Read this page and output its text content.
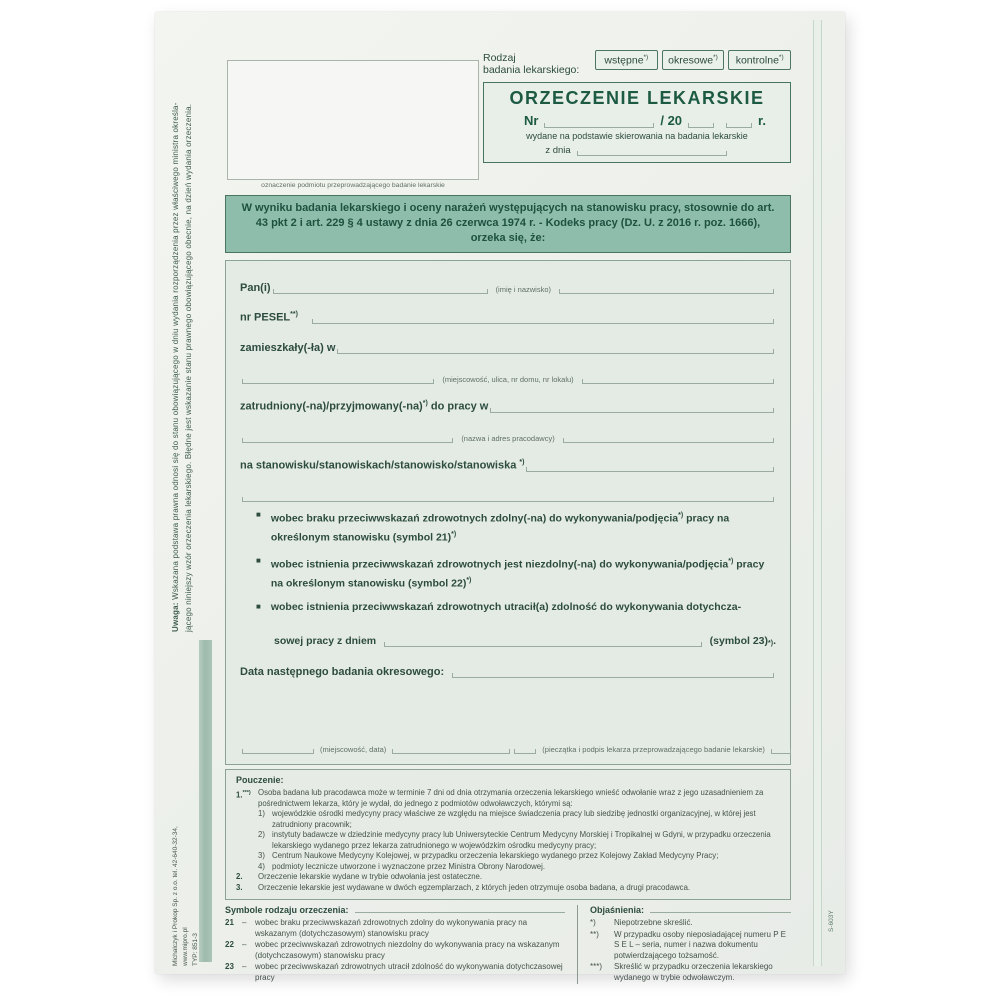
Uwaga: Wskazana podstawa prawna odnosi się do stanu obowiązującego w dniu wydania rozporządzenia przez właściwego ministra określa- jącego niniejszy wzór orzeczenia lekarskiego. Błędne jest wskazanie stanu prawnego obowiązującego obecnie, na dzień wydania orzeczenia.
Michalczyk i Prokop Sp. z o.o. tel. 42-640-32-34, www.mipro.pl TYP: 851-3
S-603Y
oznaczenie podmiotu przeprowadzającego badanie lekarskie
Rodzaj
badania lekarskiego:
wstępne*)	okresowe*)	kontrolne*)
ORZECZENIE LEKARSKIE
Nr	/ 20	r.
wydane na podstawie skierowania na badania lekarskie
z dnia
W wyniku badania lekarskiego i oceny narażeń występujących na stanowisku pracy, stosownie do art. 43 pkt 2 i art. 229 § 4 ustawy z dnia 26 czerwca 1974 r. - Kodeks pracy (Dz. U. z 2016 r. poz. 1666), orzeka się, że:
Pan(i)	(imię i nazwisko)
nr PESEL**)
zamieszkały(-ła) w
(miejscowość, ulica, nr domu, nr lokalu)
zatrudniony(-na)/przyjmowany(-na)*) do pracy w
(nazwa i adres pracodawcy)
na stanowisku/stanowiskach/stanowisko/stanowiska *)
■ wobec braku przeciwwskazań zdrowotnych zdolny(-na) do wykonywania/podjęcia*) pracy na określonym stanowisku (symbol 21)*)
■ wobec istnienia przeciwwskazań zdrowotnych jest niezdolny(-na) do wykonywania/podjęcia*) pracy na określonym stanowisku (symbol 22)*)
■ wobec istnienia przeciwwskazań zdrowotnych utracił(a) zdolność do wykonywania dotychcza-
sowej pracy z dniem	(symbol $23)_{*)}$ .
Data następnego badania okresowego:
(miejscowość, data)	(pieczątka i podpis lekarza przeprowadzającego badanie lekarskie)
Pouczenie:
1.***) Osoba badana lub pracodawca może w terminie 7 dni od dnia otrzymania orzeczenia lekarskiego wnieść odwołanie wraz z jego uzasadnieniem za pośrednictwem lekarza, który je wydał, do jednego z podmiotów odwoławczych, którymi są:
1) wojewódzkie ośrodki medycyny pracy właściwe ze względu na miejsce świadczenia pracy lub siedzibę jednostki organizacyjnej, w której jest zatrudniony pracownik;
2) instytuty badawcze w dziedzinie medycyny pracy lub Uniwersyteckie Centrum Medycyny Morskiej i Tropikalnej w Gdyni, w przypadku orzeczenia lekarskiego wydanego przez lekarza zatrudnionego w wojewódzkim ośrodku medycyny pracy;
3) Centrum Naukowe Medycyny Kolejowej, w przypadku orzeczenia lekarskiego wydanego przez Kolejowy Zakład Medycyny Pracy;
4) podmioty lecznicze utworzone i wyznaczone przez Ministra Obrony Narodowej.
2.	Orzeczenie lekarskie wydane w trybie odwołania jest ostateczne.
3.	Orzeczenie lekarskie jest wydawane w dwóch egzemplarzach, z których jeden otrzymuje osoba badana, a drugi pracodawca.
Symbole rodzaju orzeczenia:
21	–	wobec braku przeciwwskazań zdrowotnych zdolny do wykonywania pracy na wskazanym (dotychczasowym) stanowisku pracy
22	–	wobec przeciwwskazań zdrowotnych niezdolny do wykonywania pracy na wskazanym (dotychczasowym) stanowisku pracy
23	–	wobec przeciwwskazań zdrowotnych utracił zdolność do wykonywania dotychczasowej pracy
Objaśnienia:
*)	Niepotrzebne skreślić.
**)	W przypadku osoby nieposiadającej numeru P E S E L – seria, numer i nazwa dokumentu potwierdzającego tożsamość.
***)	Skreślić w przypadku orzeczenia lekarskiego wydanego w trybie odwoławczym.
